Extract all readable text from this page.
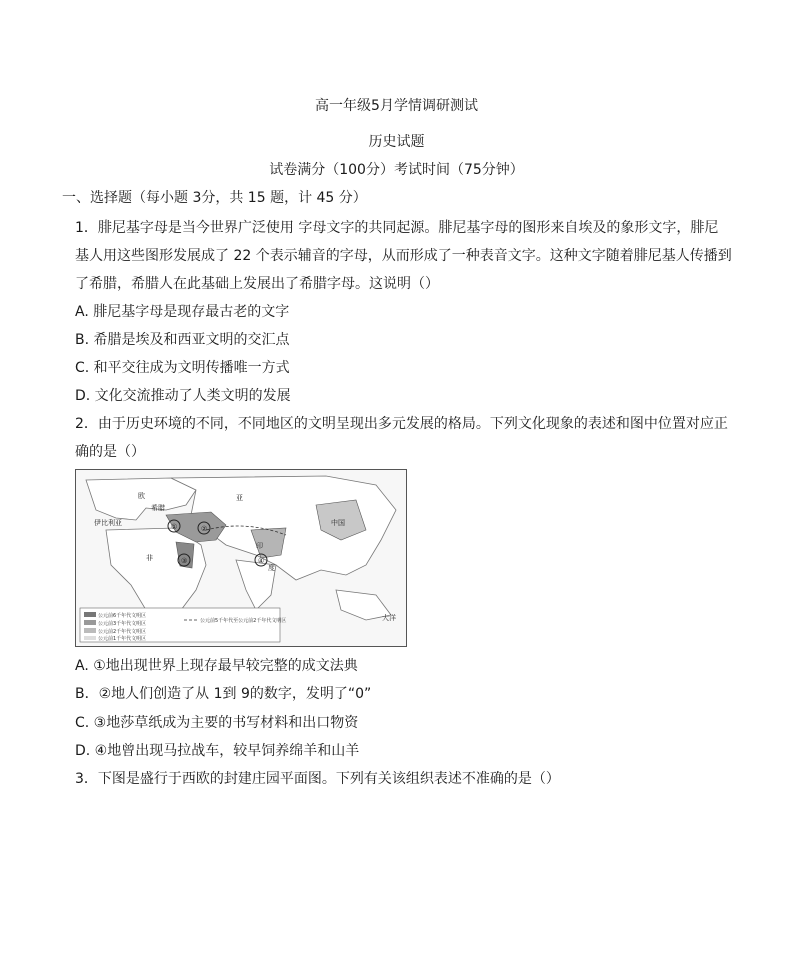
高一年级5月学情调研测试
历史试题
试卷满分（100分）考试时间（75分钟）
一、选择题（每小题 3分，共 15 题，计 45 分）
1．腓尼基字母是当今世界广泛使用 字母文字的共同起源。腓尼基字母的图形来自埃及的象形文字，腓尼
基人用这些图形发展成了 22 个表示辅音的字母，从而形成了一种表音文字。这种文字随着腓尼基人传播到
了希腊，希腊人在此基础上发展出了希腊字母。这说明（）
A. 腓尼基字母是现存最古老的文字
B. 希腊是埃及和西亚文明的交汇点
C. 和平交往成为文明传播唯一方式
D. 文化交流推动了人类文明的发展
2．由于历史环境的不同，不同地区的文明呈现出多元发展的格局。下列文化现象的表述和图中位置对应正
确的是（）
①	②
③	④
欧
伊比利亚
希腊
亚
非
中国
印
度
大洋
公元前6千年代文明区
公元前3千年代文明区
公元前2千年代文明区
公元前1千年代文明区
公元前5千年代至公元前2千年代文明区
A. ①地出现世界上现存最早较完整的成文法典
B．②地人们创造了从 1到 9的数字，发明了“0”
C. ③地莎草纸成为主要的书写材料和出口物资
D. ④地曾出现马拉战车，较早饲养绵羊和山羊
3．下图是盛行于西欧的封建庄园平面图。下列有关该组织表述不准确的是（）
